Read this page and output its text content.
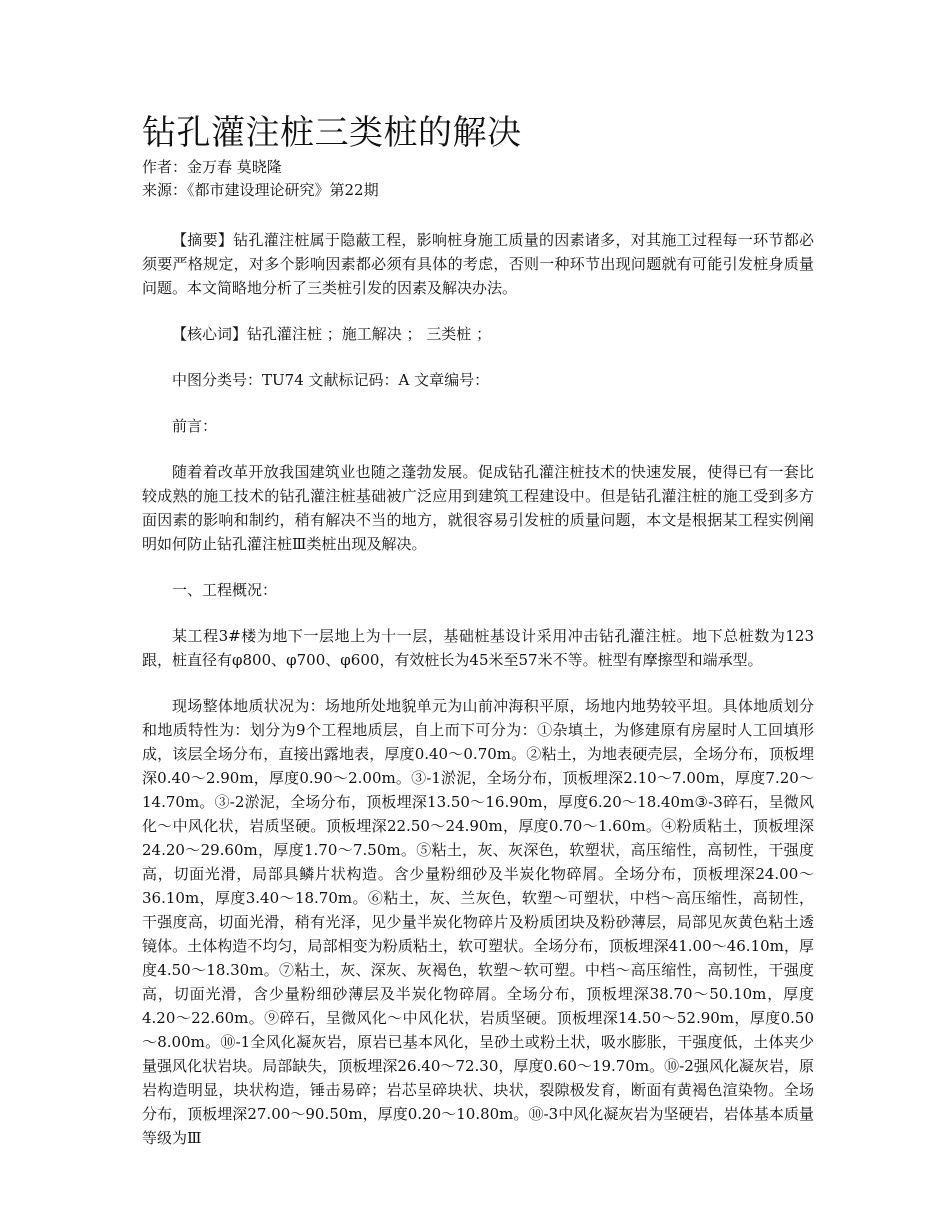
钻孔灌注桩三类桩的解决

作者：金万春 莫晓隆

来源：《都市建设理论研究》第22期

【摘要】钻孔灌注桩属于隐蔽工程，影响桩身施工质量的因素诸多，对其施工过程每一环节都必须要严格规定，对多个影响因素都必须有具体的考虑，否则一种环节出现问题就有可能引发桩身质量问题。本文简略地分析了三类桩引发的因素及解决办法。

【核心词】钻孔灌注桩 ；施工解决 ； 三类桩 ；

中图分类号：TU74 文献标记码：A 文章编号：

前言：

随着着改革开放我国建筑业也随之蓬勃发展。促成钻孔灌注桩技术的快速发展，使得已有一套比较成熟的施工技术的钻孔灌注桩基础被广泛应用到建筑工程建设中。但是钻孔灌注桩的施工受到多方面因素的影响和制约，稍有解决不当的地方，就很容易引发桩的质量问题，本文是根据某工程实例阐明如何防止钻孔灌注桩Ⅲ类桩出现及解决。

一、工程概况：

某工程3#楼为地下一层地上为十一层，基础桩基设计采用冲击钻孔灌注桩。地下总桩数为123跟，桩直径有φ800、φ700、φ600，有效桩长为45米至57米不等。桩型有摩擦型和端承型。

现场整体地质状况为：场地所处地貌单元为山前冲海积平原，场地内地势较平坦。具体地质划分和地质特性为：划分为9个工程地质层，自上而下可分为：①杂填土，为修建原有房屋时人工回填形成，该层全场分布，直接出露地表，厚度0.40～0.70m。②粘土，为地表硬壳层，全场分布，顶板埋深0.40～2.90m，厚度0.90～2.00m。③-1淤泥，全场分布，顶板埋深2.10～7.00m，厚度7.20～14.70m。③-2淤泥，全场分布，顶板埋深13.50～16.90m，厚度6.20～18.40m③-3碎石，呈微风化～中风化状，岩质坚硬。顶板埋深22.50～24.90m，厚度0.70～1.60m。④粉质粘土，顶板埋深24.20～29.60m，厚度1.70～7.50m。⑤粘土，灰、灰深色，软塑状，高压缩性，高韧性，干强度高，切面光滑，局部具鳞片状构造。含少量粉细砂及半炭化物碎屑。全场分布，顶板埋深24.00～36.10m，厚度3.40～18.70m。⑥粘土，灰、兰灰色，软塑～可塑状，中档～高压缩性，高韧性，干强度高，切面光滑，稍有光泽，见少量半炭化物碎片及粉质团块及粉砂薄层，局部见灰黄色粘土透镜体。土体构造不均匀，局部相变为粉质粘土，软可塑状。全场分布，顶板埋深41.00～46.10m，厚度4.50～18.30m。⑦粘土，灰、深灰、灰褐色，软塑～软可塑。中档～高压缩性，高韧性，干强度高，切面光滑，含少量粉细砂薄层及半炭化物碎屑。全场分布，顶板埋深38.70～50.10m，厚度4.20～22.60m。⑨碎石，呈微风化～中风化状，岩质坚硬。顶板埋深14.50～52.90m，厚度0.50～8.00m。⑩-1全风化凝灰岩，原岩已基本风化，呈砂土或粉土状，吸水膨胀，干强度低，土体夹少量强风化状岩块。局部缺失，顶板埋深26.40～72.30，厚度0.60～19.70m。⑩-2强风化凝灰岩，原岩构造明显，块状构造，锤击易碎；岩芯呈碎块状、块状，裂隙极发育，断面有黄褐色渲染物。全场分布，顶板埋深27.00～90.50m，厚度0.20～10.80m。⑩-3中风化凝灰岩为坚硬岩，岩体基本质量等级为Ⅲ
